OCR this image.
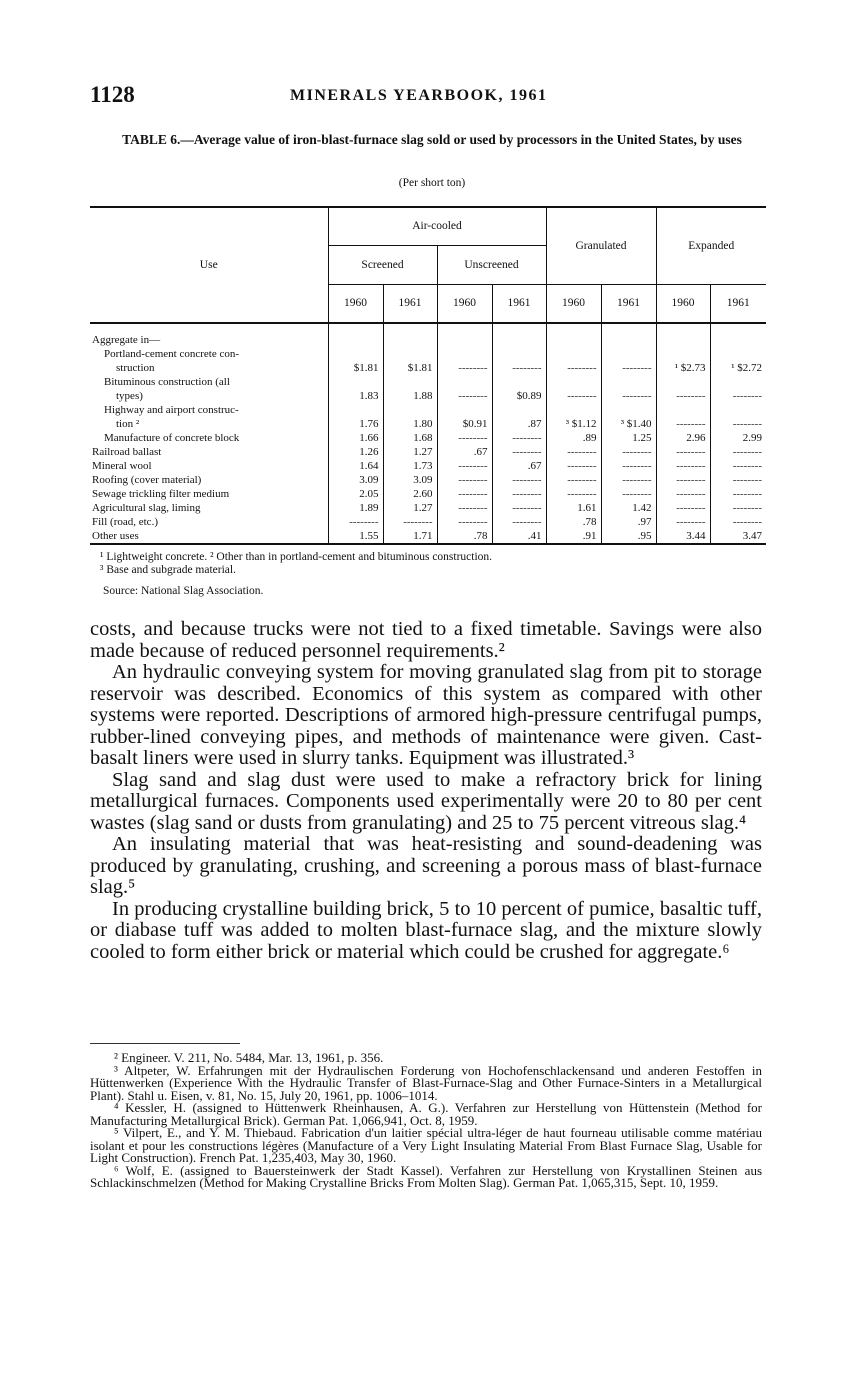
1128	MINERALS YEARBOOK, 1961
TABLE 6.—Average value of iron-blast-furnace slag sold or used by processors in the United States, by uses
(Per short ton)
Use	Air-cooled				Granulated		Expanded	
	Screened		Unscreened					
	1960	1961	1960	1961	1960	1961	1960	1961

Aggregate in—								
Portland-cement concrete con-								
struction	$1.81	$1.81	--------	--------	--------	--------	¹ $2.73	¹ $2.72
Bituminous construction (all								
types)	1.83	1.88	--------	$0.89	--------	--------	--------	--------
Highway and airport construc-								
tion ²	1.76	1.80	$0.91	.87	³ $1.12	³ $1.40	--------	--------
Manufacture of concrete block	1.66	1.68	--------	--------	.89	1.25	2.96	2.99
Railroad ballast	1.26	1.27	.67	--------	--------	--------	--------	--------
Mineral wool	1.64	1.73	--------	.67	--------	--------	--------	--------
Roofing (cover material)	3.09	3.09	--------	--------	--------	--------	--------	--------
Sewage trickling filter medium	2.05	2.60	--------	--------	--------	--------	--------	--------
Agricultural slag, liming	1.89	1.27	--------	--------	1.61	1.42	--------	--------
Fill (road, etc.)	--------	--------	--------	--------	.78	.97	--------	--------
Other uses	1.55	1.71	.78	.41	.91	.95	3.44	3.47
¹ Lightweight concrete. ² Other than in portland-cement and bituminous construction.
³ Base and subgrade material.
Source: National Slag Association.

costs, and because trucks were not tied to a fixed timetable. Savings were also made because of reduced personnel requirements.²

An hydraulic conveying system for moving granulated slag from pit to storage reservoir was described. Economics of this system as compared with other systems were reported. Descriptions of armored high-pressure centrifugal pumps, rubber-lined conveying pipes, and methods of maintenance were given. Cast-basalt liners were used in slurry tanks. Equipment was illustrated.³

Slag sand and slag dust were used to make a refractory brick for lining metallurgical furnaces. Components used experimentally were 20 to 80 per cent wastes (slag sand or dusts from granulating) and 25 to 75 percent vitreous slag.⁴

An insulating material that was heat-resisting and sound-deadening was produced by granulating, crushing, and screening a porous mass of blast-furnace slag.⁵

In producing crystalline building brick, 5 to 10 percent of pumice, basaltic tuff, or diabase tuff was added to molten blast-furnace slag, and the mixture slowly cooled to form either brick or material which could be crushed for aggregate.⁶

² Engineer. V. 211, No. 5484, Mar. 13, 1961, p. 356.

³ Altpeter, W. Erfahrungen mit der Hydraulischen Forderung von Hochofenschlackensand und anderen Festoffen in Hüttenwerken (Experience With the Hydraulic Transfer of Blast-Furnace-Slag and Other Furnace-Sinters in a Metallurgical Plant). Stahl u. Eisen, v. 81, No. 15, July 20, 1961, pp. 1006–1014.

⁴ Kessler, H. (assigned to Hüttenwerk Rheinhausen, A. G.). Verfahren zur Herstellung von Hüttenstein (Method for Manufacturing Metallurgical Brick). German Pat. 1,066,941, Oct. 8, 1959.

⁵ Vilpert, E., and Y. M. Thiebaud. Fabrication d'un laitier spécial ultra-léger de haut fourneau utilisable comme matériau isolant et pour les constructions légères (Manufacture of a Very Light Insulating Material From Blast Furnace Slag, Usable for Light Construction). French Pat. 1,235,403, May 30, 1960.

⁶ Wolf, E. (assigned to Bauersteinwerk der Stadt Kassel). Verfahren zur Herstellung von Krystallinen Steinen aus Schlackinschmelzen (Method for Making Crystalline Bricks From Molten Slag). German Pat. 1,065,315, Sept. 10, 1959.
